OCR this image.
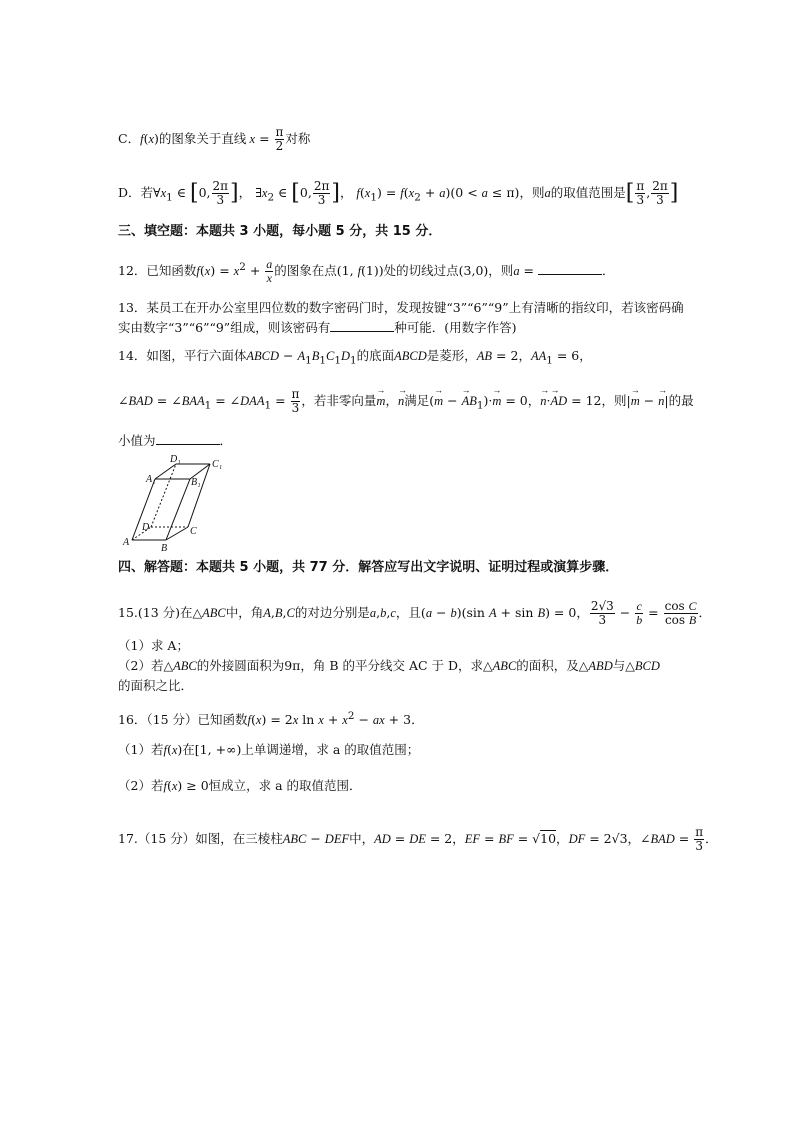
C．f(x)的图象关于直线 $x = \frac{\pi}{2}$ 对称
D．若$\forall x_1$ ∈ [0, $\frac{2\pi}{3}$ ]， $\exists x_2$ ∈ [0, $\frac{2\pi}{3}$ ]， $f(x_1) = f(x_2 + a)(0 < a \le \pi)$，则a的取值范围是[ $\frac{\pi}{3}$ , $\frac{2\pi}{3}$ ]
三、填空题：本题共 3 小题，每小题 5 分，共 15 分．
12．已知函数$f(x) = x^2 + \frac{a}{x}$ 的图象在点(1, f(1))处的切线过点(3,0)，则a =	．
13．某员工在开办公室里四位数的数字密码门时，发现按键“3”“6”“9”上有清晰的指纹印，若该密码确
实由数字“3”“6”“9”组成，则该密码有	种可能．(用数字作答)
14．如图，平行六面体ABCD − $A_1B_1C_1D_1$的底面ABCD是菱形，AB = 2，$AA_1 = 6$，
∠BAD = $\angle BAA_1$ = $\angle DAA_1 = \frac{\pi}{3}$ ，若非零向量→ m，→ n满足(→ m − → $AB_1)\cdot\to m = 0$，→ n·→ AD = 12，则|→ m − → n|的最
小值为	．
D₁	C₁
A₁	B₁
D	C
A
B
四、解答题：本题共 5 小题，共 77 分．解答应写出文字说明、证明过程或演算步骤．
15.(13 分)在△ABC中，角A,B,C的对边分别是a,b,c，且(a − b)(sin A + sin B) = 0， $\frac{2√3}{3} - \frac{c}{b} = \frac{\text{cos C}}{\text{cos B}}$ ．
（1）求 A；
（2）若△ABC的外接圆面积为9π，角 B 的平分线交 AC 于 D，求△ABC的面积，及△ABD与△BCD
的面积之比．
16．（15 分）已知函数f(x) = 2x $\ln x + x^2$ − ax + 3．
（1）若f(x)在[1, +∞)上单调递增，求 a 的取值范围；
（2）若f(x) ≥ 0恒成立，求 a 的取值范围．
17.（15 分）如图，在三棱柱ABC − DEF中，AD = DE = 2，EF = BF = √10，DF = 2√3，∠BAD = $\frac{\pi}{3}$ ．
